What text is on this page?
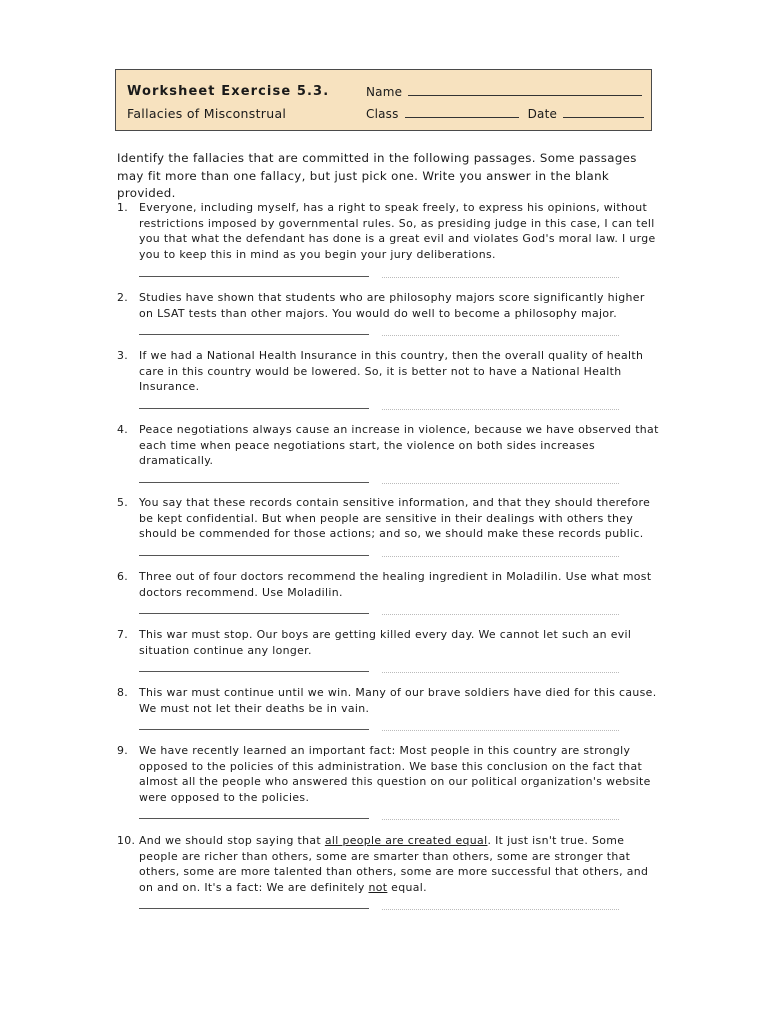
Worksheet Exercise 5.3.
Fallacies of Misconstrual
Name
Class	Date
Identify the fallacies that are committed in the following passages. Some passages may fit more than one fallacy, but just pick one. Write you answer in the blank provided.
1.	Everyone, including myself, has a right to speak freely, to express his opinions, without restrictions imposed by governmental rules. So, as presiding judge in this case, I can tell you that what the defendant has done is a great evil and violates God's moral law. I urge you to keep this in mind as you begin your jury deliberations.
2.	Studies have shown that students who are philosophy majors score significantly higher on LSAT tests than other majors. You would do well to become a philosophy major.
3.	If we had a National Health Insurance in this country, then the overall quality of health care in this country would be lowered. So, it is better not to have a National Health Insurance.
4.	Peace negotiations always cause an increase in violence, because we have observed that each time when peace negotiations start, the violence on both sides increases dramatically.
5.	You say that these records contain sensitive information, and that they should therefore be kept confidential. But when people are sensitive in their dealings with others they should be commended for those actions; and so, we should make these records public.
6.	Three out of four doctors recommend the healing ingredient in Moladilin. Use what most doctors recommend. Use Moladilin.
7.	This war must stop. Our boys are getting killed every day. We cannot let such an evil situation continue any longer.
8.	This war must continue until we win. Many of our brave soldiers have died for this cause. We must not let their deaths be in vain.
9.	We have recently learned an important fact: Most people in this country are strongly opposed to the policies of this administration. We base this conclusion on the fact that almost all the people who answered this question on our political organization's website were opposed to the policies.
10. And we should stop saying that all people are created equal. It just isn't true. Some people are richer than others, some are smarter than others, some are stronger that others, some are more talented than others, some are more successful that others, and on and on. It's a fact: We are definitely not equal.
